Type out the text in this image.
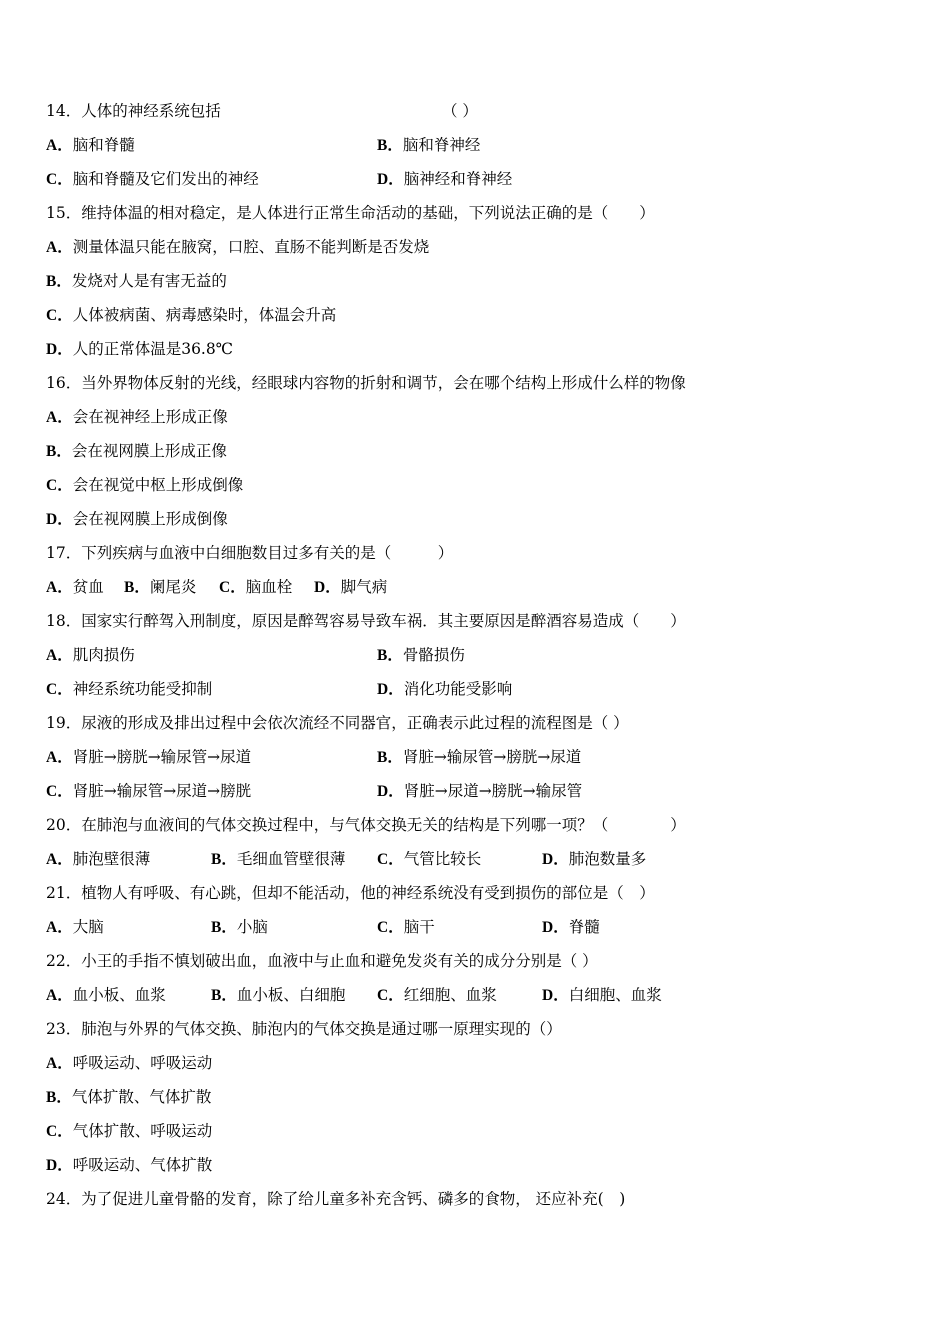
14．人体的神经系统包括	（ ）
A．脑和脊髓	B．脑和脊神经
C．脑和脊髓及它们发出的神经	D．脑神经和脊神经
15．维持体温的相对稳定，是人体进行正常生命活动的基础，下列说法正确的是（　　）
A．测量体温只能在腋窝，口腔、直肠不能判断是否发烧
B．发烧对人是有害无益的
C．人体被病菌、病毒感染时，体温会升高
D．人的正常体温是36.8℃
16．当外界物体反射的光线，经眼球内容物的折射和调节，会在哪个结构上形成什么样的物像
A．会在视神经上形成正像
B．会在视网膜上形成正像
C．会在视觉中枢上形成倒像
D．会在视网膜上形成倒像
17．下列疾病与血液中白细胞数目过多有关的是（　　　）
A．贫血 B．阑尾炎 C．脑血栓 D．脚气病
18．国家实行醉驾入刑制度，原因是醉驾容易导致车祸．其主要原因是醉酒容易造成（　　）
A．肌肉损伤	B．骨骼损伤
C．神经系统功能受抑制	D．消化功能受影响
19．尿液的形成及排出过程中会依次流经不同器官，正确表示此过程的流程图是（ ）
A．肾脏→膀胱→输尿管→尿道	B．肾脏→输尿管→膀胱→尿道
C．肾脏→输尿管→尿道→膀胱	D．肾脏→尿道→膀胱→输尿管
20．在肺泡与血液间的气体交换过程中，与气体交换无关的结构是下列哪一项？（　　　　）
A．肺泡壁很薄	B．毛细血管壁很薄 C．气管比较长	D．肺泡数量多
21．植物人有呼吸、有心跳，但却不能活动，他的神经系统没有受到损伤的部位是（　）
A．大脑	B．小脑	C．脑干	D．脊髓
22．小王的手指不慎划破出血，血液中与止血和避免发炎有关的成分分别是（ ）
A．血小板、血浆	B．血小板、白细胞 C．红细胞、血浆	D．白细胞、血浆
23．肺泡与外界的气体交换、肺泡内的气体交换是通过哪一原理实现的（）
A．呼吸运动、呼吸运动
B．气体扩散、气体扩散
C．气体扩散、呼吸运动
D．呼吸运动、气体扩散
24．为了促进儿童骨骼的发育，除了给儿童多补充含钙、磷多的食物， 还应补充(　)
